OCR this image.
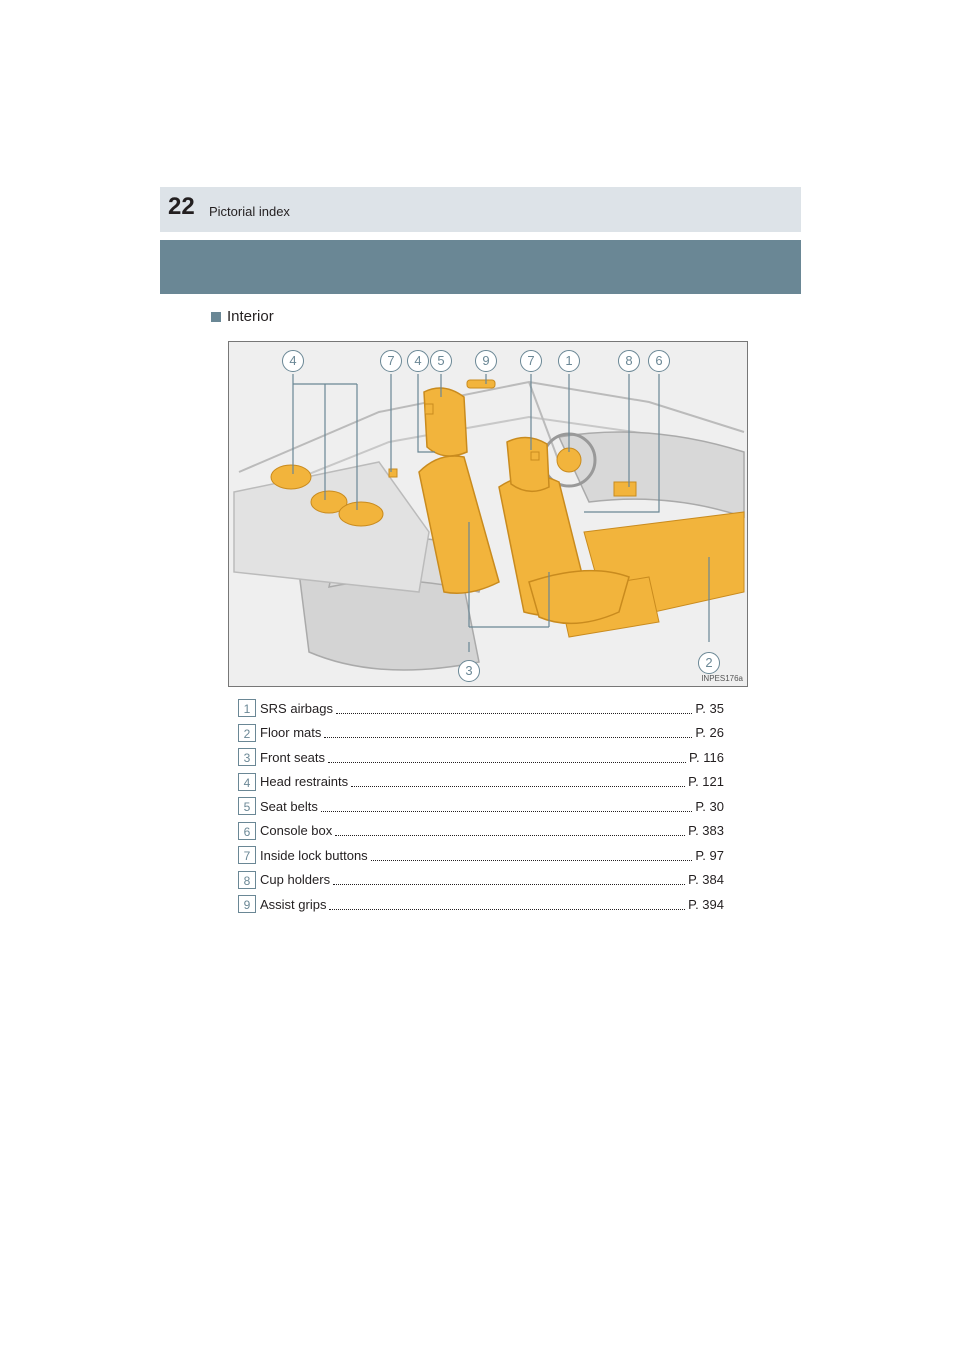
22 Pictorial index
Interior
4	7	4	5	9	7	1	8	6
3
2
INPES176a
1 SRS airbags	P. 35
2 Floor mats	P. 26
3 Front seats	P. 116
4 Head restraints	P. 121
5 Seat belts	P. 30
6 Console box	P. 383
7 Inside lock buttons	P. 97
8 Cup holders	P. 384
9 Assist grips	P. 394
